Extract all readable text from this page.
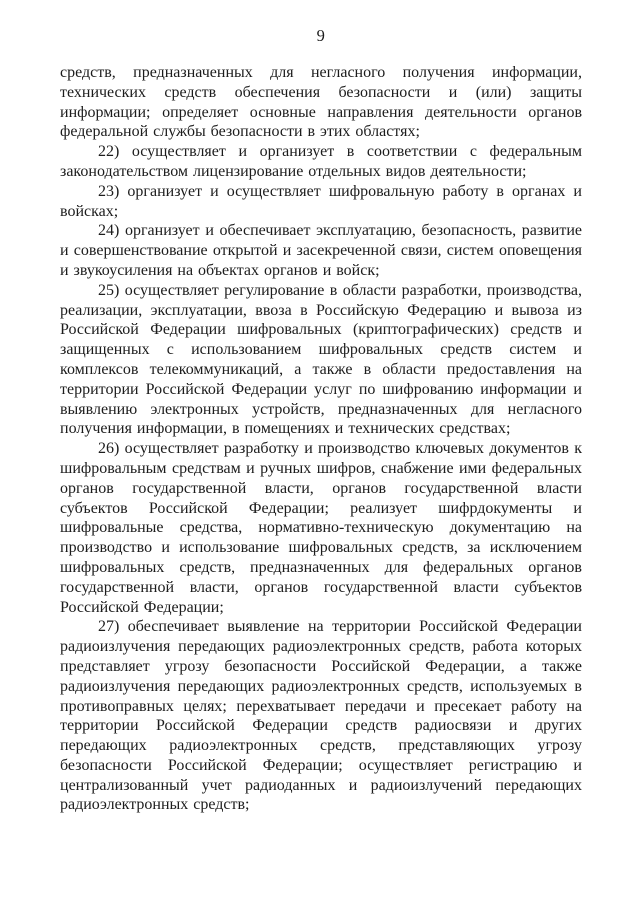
9

средств, предназначенных для негласного получения информации, технических средств обеспечения безопасности и (или) защиты информации; определяет основные направления деятельности органов федеральной службы безопасности в этих областях;

22) осуществляет и организует в соответствии с федеральным законодательством лицензирование отдельных видов деятельности;

23) организует и осуществляет шифровальную работу в органах и войсках;

24) организует и обеспечивает эксплуатацию, безопасность, развитие и совершенствование открытой и засекреченной связи, систем оповещения и звукоусиления на объектах органов и войск;

25) осуществляет регулирование в области разработки, производства, реализации, эксплуатации, ввоза в Российскую Федерацию и вывоза из Российской Федерации шифровальных (криптографических) средств и защищенных с использованием шифровальных средств систем и комплексов телекоммуникаций, а также в области предоставления на территории Российской Федерации услуг по шифрованию информации и выявлению электронных устройств, предназначенных для негласного получения информации, в помещениях и технических средствах;

26) осуществляет разработку и производство ключевых документов к шифровальным средствам и ручных шифров, снабжение ими федеральных органов государственной власти, органов государственной власти субъектов Российской Федерации; реализует шифрдокументы и шифровальные средства, нормативно-техническую документацию на производство и использование шифровальных средств, за исключением шифровальных средств, предназначенных для федеральных органов государственной власти, органов государственной власти субъектов Российской Федерации;

27) обеспечивает выявление на территории Российской Федерации радиоизлучения передающих радиоэлектронных средств, работа которых представляет угрозу безопасности Российской Федерации, а также радиоизлучения передающих радиоэлектронных средств, используемых в противоправных целях; перехватывает передачи и пресекает работу на территории Российской Федерации средств радиосвязи и других передающих радиоэлектронных средств, представляющих угрозу безопасности Российской Федерации; осуществляет регистрацию и централизованный учет радиоданных и радиоизлучений передающих радиоэлектронных средств;
